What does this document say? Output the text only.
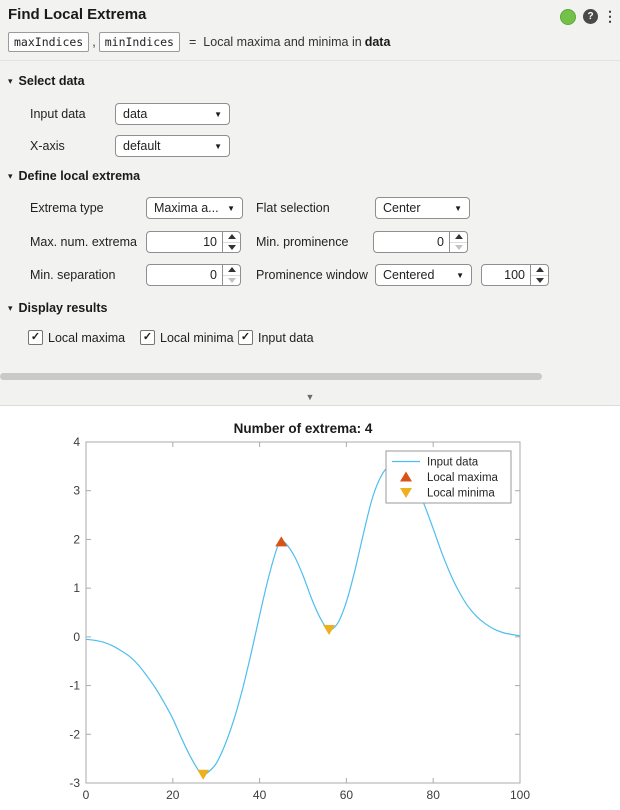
Find Local Extrema	? ⋮
maxIndices , minIndices	= Local maxima and minima in data
▾ Select data
Input data	data	▼
X-axis	default	▼
▾ Define local extrema
Extrema type	Maxima a...	▼	Flat selection	Center	▼
Max. num. extrema	10	Min. prominence	0
Min. separation	0	Prominence window	Centered	▼	100
▾ Display results
✓ Local maxima ✓ Local minima ✓ Input data
▼
Number of extrema: 4
0	20	40	60	80	100
-3
-2
-1
0
1
2
3
4
Input data
Local maxima
Local minima
